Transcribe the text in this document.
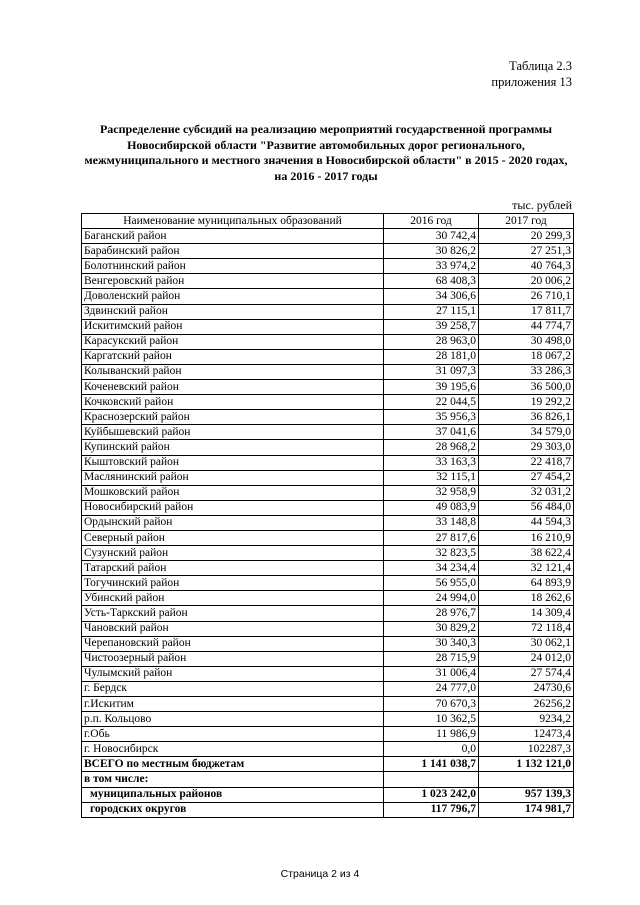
Таблица 2.3
приложения 13
Распределение субсидий на реализацию мероприятий государственной программы
Новосибирской области "Развитие автомобильных дорог регионального,
межмуниципального и местного значения в Новосибирской области" в 2015 - 2020 годах,
на 2016 - 2017 годы
тыс. рублей
Наименование муниципальных образований	2016 год	2017 год
Баганский район	30 742,4	20 299,3
Барабинский район	30 826,2	27 251,3
Болотнинский район	33 974,2	40 764,3
Венгеровский район	68 408,3	20 006,2
Доволенский район	34 306,6	26 710,1
Здвинский район	27 115,1	17 811,7
Искитимский район	39 258,7	44 774,7
Карасукский район	28 963,0	30 498,0
Каргатский район	28 181,0	18 067,2
Колыванский район	31 097,3	33 286,3
Коченевский район	39 195,6	36 500,0
Кочковский район	22 044,5	19 292,2
Краснозерский район	35 956,3	36 826,1
Куйбышевский район	37 041,6	34 579,0
Купинский район	28 968,2	29 303,0
Кыштовский район	33 163,3	22 418,7
Маслянинский район	32 115,1	27 454,2
Мошковский район	32 958,9	32 031,2
Новосибирский район	49 083,9	56 484,0
Ордынский район	33 148,8	44 594,3
Северный район	27 817,6	16 210,9
Сузунский район	32 823,5	38 622,4
Татарский район	34 234,4	32 121,4
Тогучинский район	56 955,0	64 893,9
Убинский район	24 994,0	18 262,6
Усть-Таркский район	28 976,7	14 309,4
Чановский район	30 829,2	72 118,4
Черепановский район	30 340,3	30 062,1
Чистоозерный район	28 715,9	24 012,0
Чулымский район	31 006,4	27 574,4
г. Бердск	24 777,0	24730,6
г.Искитим	70 670,3	26256,2
р.п. Кольцово	10 362,5	9234,2
г.Обь	11 986,9	12473,4
г. Новосибирск	0,0	102287,3
ВСЕГО по местным бюджетам	1 141 038,7	1 132 121,0
в том числе:		
муниципальных районов	1 023 242,0	957 139,3
городских округов	117 796,7	174 981,7
Страница 2 из 4
